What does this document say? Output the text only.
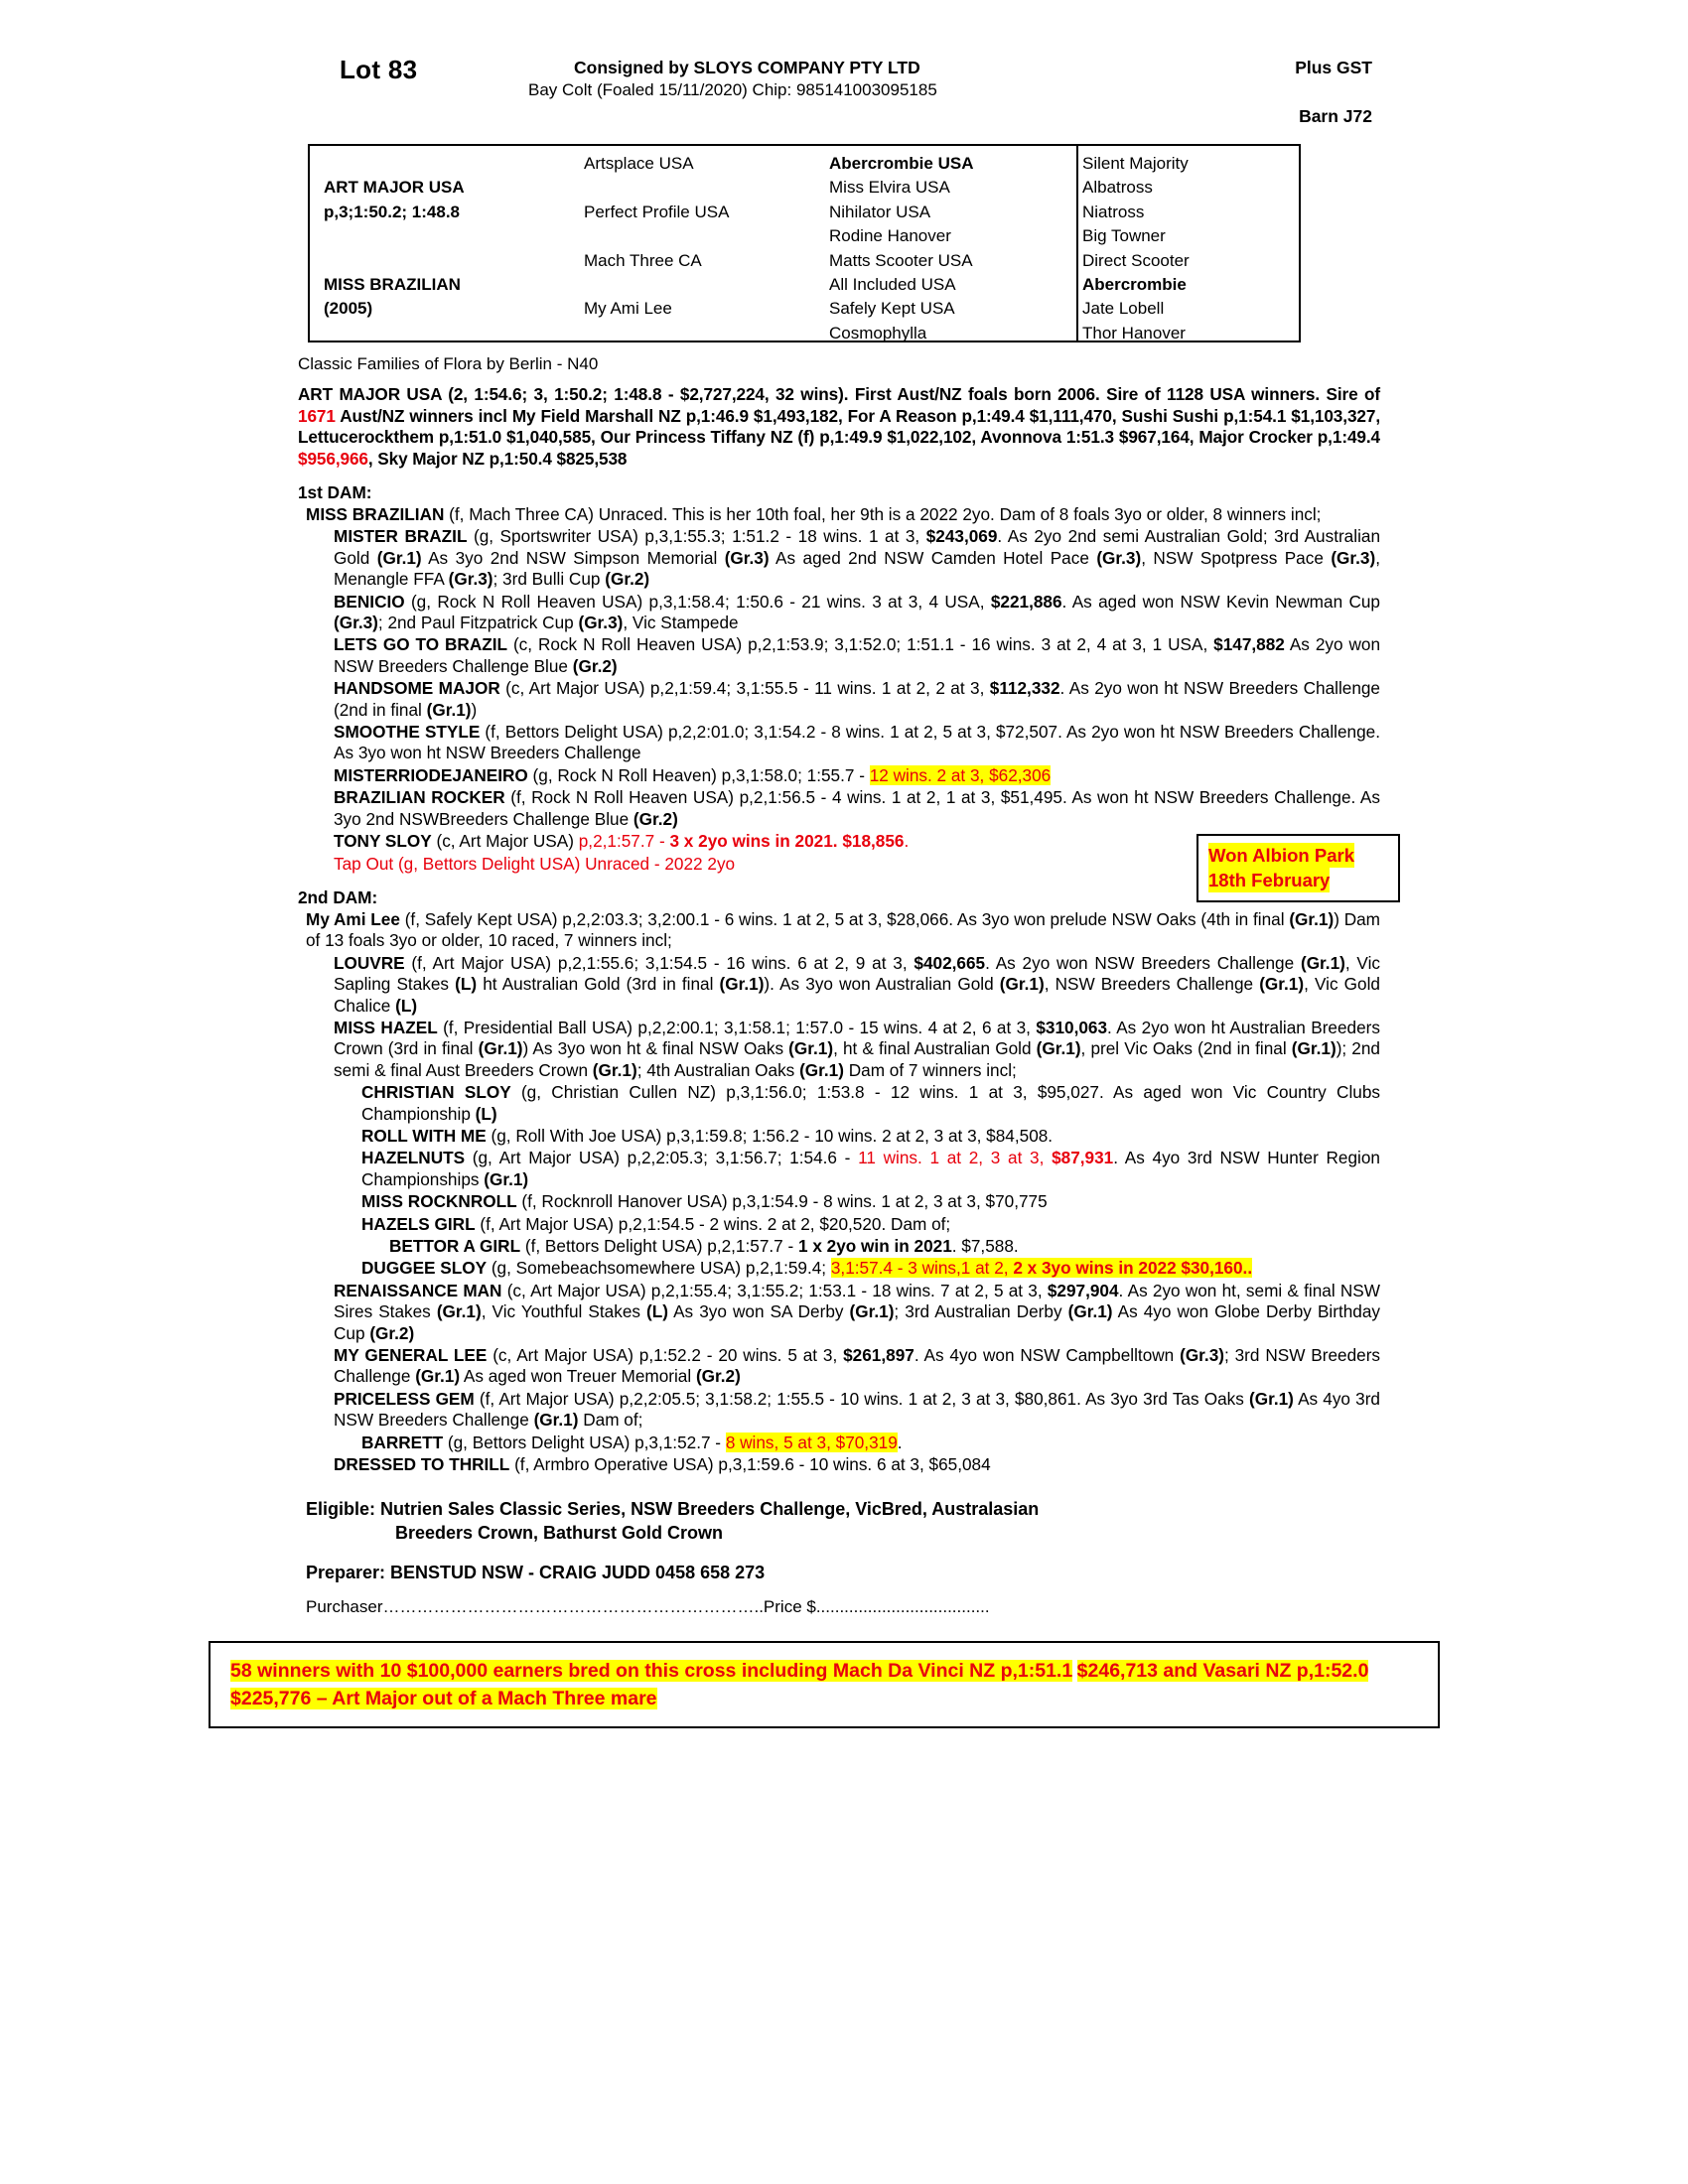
Lot 83	Consigned by SLOYS COMPANY PTY LTD	Plus GST
Bay Colt (Foaled 15/11/2020) Chip: 985141003095185
Barn J72
ART MAJOR USA
p,3;1:50.2; 1:48.8
MISS BRAZILIAN
(2005)
Artsplace USA
Perfect Profile USA
Mach Three CA
My Ami Lee
Abercrombie USA
Miss Elvira USA
Nihilator USA
Rodine Hanover
Matts Scooter USA
All Included USA
Safely Kept USA
Cosmophylla
Silent Majority
Albatross
Niatross
Big Towner
Direct Scooter
Abercrombie
Jate Lobell
Thor Hanover
Classic Families of Flora by Berlin - N40
ART MAJOR USA (2, 1:54.6; 3, 1:50.2; 1:48.8 - $2,727,224, 32 wins). First Aust/NZ foals born 2006. Sire of 1128 USA winners. Sire of 1671 Aust/NZ winners incl My Field Marshall NZ p,1:46.9 $1,493,182, For A Reason p,1:49.4 $1,111,470, Sushi Sushi p,1:54.1 $1,103,327, Lettucerockthem p,1:51.0 $1,040,585, Our Princess Tiffany NZ (f) p,1:49.9 $1,022,102, Avonnova 1:51.3 $967,164, Major Crocker p,1:49.4 $956,966, Sky Major NZ p,1:50.4 $825,538
1st DAM:
MISS BRAZILIAN (f, Mach Three CA) Unraced. This is her 10th foal, her 9th is a 2022 2yo. Dam of 8 foals 3yo or older, 8 winners incl;
MISTER BRAZIL (g, Sportswriter USA) p,3,1:55.3; 1:51.2 - 18 wins. 1 at 3, $243,069. As 2yo 2nd semi Australian Gold; 3rd Australian Gold (Gr.1) As 3yo 2nd NSW Simpson Memorial (Gr.3) As aged 2nd NSW Camden Hotel Pace (Gr.3), NSW Spotpress Pace (Gr.3), Menangle FFA (Gr.3); 3rd Bulli Cup (Gr.2)
BENICIO (g, Rock N Roll Heaven USA) p,3,1:58.4; 1:50.6 - 21 wins. 3 at 3, 4 USA, $221,886. As aged won NSW Kevin Newman Cup (Gr.3); 2nd Paul Fitzpatrick Cup (Gr.3), Vic Stampede
LETS GO TO BRAZIL (c, Rock N Roll Heaven USA) p,2,1:53.9; 3,1:52.0; 1:51.1 - 16 wins. 3 at 2, 4 at 3, 1 USA, $147,882 As 2yo won NSW Breeders Challenge Blue (Gr.2)
HANDSOME MAJOR (c, Art Major USA) p,2,1:59.4; 3,1:55.5 - 11 wins. 1 at 2, 2 at 3, $112,332. As 2yo won ht NSW Breeders Challenge (2nd in final (Gr.1))
SMOOTHE STYLE (f, Bettors Delight USA) p,2,2:01.0; 3,1:54.2 - 8 wins. 1 at 2, 5 at 3, $72,507. As 2yo won ht NSW Breeders Challenge. As 3yo won ht NSW Breeders Challenge
MISTERRIODEJANEIRO (g, Rock N Roll Heaven) p,3,1:58.0; 1:55.7 - 12 wins. 2 at 3, $62,306
BRAZILIAN ROCKER (f, Rock N Roll Heaven USA) p,2,1:56.5 - 4 wins. 1 at 2, 1 at 3, $51,495. As won ht NSW Breeders Challenge. As 3yo 2nd NSWBreeders Challenge Blue (Gr.2)
TONY SLOY (c, Art Major USA) p,2,1:57.7 - 3 x 2yo wins in 2021. $18,856.
Tap Out (g, Bettors Delight USA) Unraced - 2022 2yo
2nd DAM:
My Ami Lee (f, Safely Kept USA) p,2,2:03.3; 3,2:00.1 - 6 wins. 1 at 2, 5 at 3, $28,066. As 3yo won prelude NSW Oaks (4th in final (Gr.1)) Dam of 13 foals 3yo or older, 10 raced, 7 winners incl;
LOUVRE (f, Art Major USA) p,2,1:55.6; 3,1:54.5 - 16 wins. 6 at 2, 9 at 3, $402,665. As 2yo won NSW Breeders Challenge (Gr.1), Vic Sapling Stakes (L) ht Australian Gold (3rd in final (Gr.1)). As 3yo won Australian Gold (Gr.1), NSW Breeders Challenge (Gr.1), Vic Gold Chalice (L)
MISS HAZEL (f, Presidential Ball USA) p,2,2:00.1; 3,1:58.1; 1:57.0 - 15 wins. 4 at 2, 6 at 3, $310,063. As 2yo won ht Australian Breeders Crown (3rd in final (Gr.1)) As 3yo won ht & final NSW Oaks (Gr.1), ht & final Australian Gold (Gr.1), prel Vic Oaks (2nd in final (Gr.1)); 2nd semi & final Aust Breeders Crown (Gr.1); 4th Australian Oaks (Gr.1) Dam of 7 winners incl;
CHRISTIAN SLOY (g, Christian Cullen NZ) p,3,1:56.0; 1:53.8 - 12 wins. 1 at 3, $95,027. As aged won Vic Country Clubs Championship (L)
ROLL WITH ME (g, Roll With Joe USA) p,3,1:59.8; 1:56.2 - 10 wins. 2 at 2, 3 at 3, $84,508.
HAZELNUTS (g, Art Major USA) p,2,2:05.3; 3,1:56.7; 1:54.6 - 11 wins. 1 at 2, 3 at 3, $87,931. As 4yo 3rd NSW Hunter Region Championships (Gr.1)
MISS ROCKNROLL (f, Rocknroll Hanover USA) p,3,1:54.9 - 8 wins. 1 at 2, 3 at 3, $70,775
HAZELS GIRL (f, Art Major USA) p,2,1:54.5 - 2 wins. 2 at 2, $20,520. Dam of;
BETTOR A GIRL (f, Bettors Delight USA) p,2,1:57.7 - 1 x 2yo win in 2021. $7,588.
DUGGEE SLOY (g, Somebeachsomewhere USA) p,2,1:59.4; 3,1:57.4 - 3 wins,1 at 2, 2 x 3yo wins in 2022 $30,160..
RENAISSANCE MAN (c, Art Major USA) p,2,1:55.4; 3,1:55.2; 1:53.1 - 18 wins. 7 at 2, 5 at 3, $297,904. As 2yo won ht, semi & final NSW Sires Stakes (Gr.1), Vic Youthful Stakes (L) As 3yo won SA Derby (Gr.1); 3rd Australian Derby (Gr.1) As 4yo won Globe Derby Birthday Cup (Gr.2)
MY GENERAL LEE (c, Art Major USA) p,1:52.2 - 20 wins. 5 at 3, $261,897. As 4yo won NSW Campbelltown (Gr.3); 3rd NSW Breeders Challenge (Gr.1) As aged won Treuer Memorial (Gr.2)
PRICELESS GEM (f, Art Major USA) p,2,2:05.5; 3,1:58.2; 1:55.5 - 10 wins. 1 at 2, 3 at 3, $80,861. As 3yo 3rd Tas Oaks (Gr.1) As 4yo 3rd NSW Breeders Challenge (Gr.1) Dam of;
BARRETT (g, Bettors Delight USA) p,3,1:52.7 - 8 wins, 5 at 3, $70,319.
DRESSED TO THRILL (f, Armbro Operative USA) p,3,1:59.6 - 10 wins. 6 at 3, $65,084
Eligible: Nutrien Sales Classic Series, NSW Breeders Challenge, VicBred, Australasian
Breeders Crown, Bathurst Gold Crown
Preparer: BENSTUD NSW - CRAIG JUDD 0458 658 273
Purchaser…………………………………………………………..Price $.....................................
58 winners with 10 $100,000 earners bred on this cross including Mach Da Vinci NZ p,1:51.1 $246,713 and Vasari NZ p,1:52.0 $225,776 – Art Major out of a Mach Three mare
Won Albion Park
18th February
